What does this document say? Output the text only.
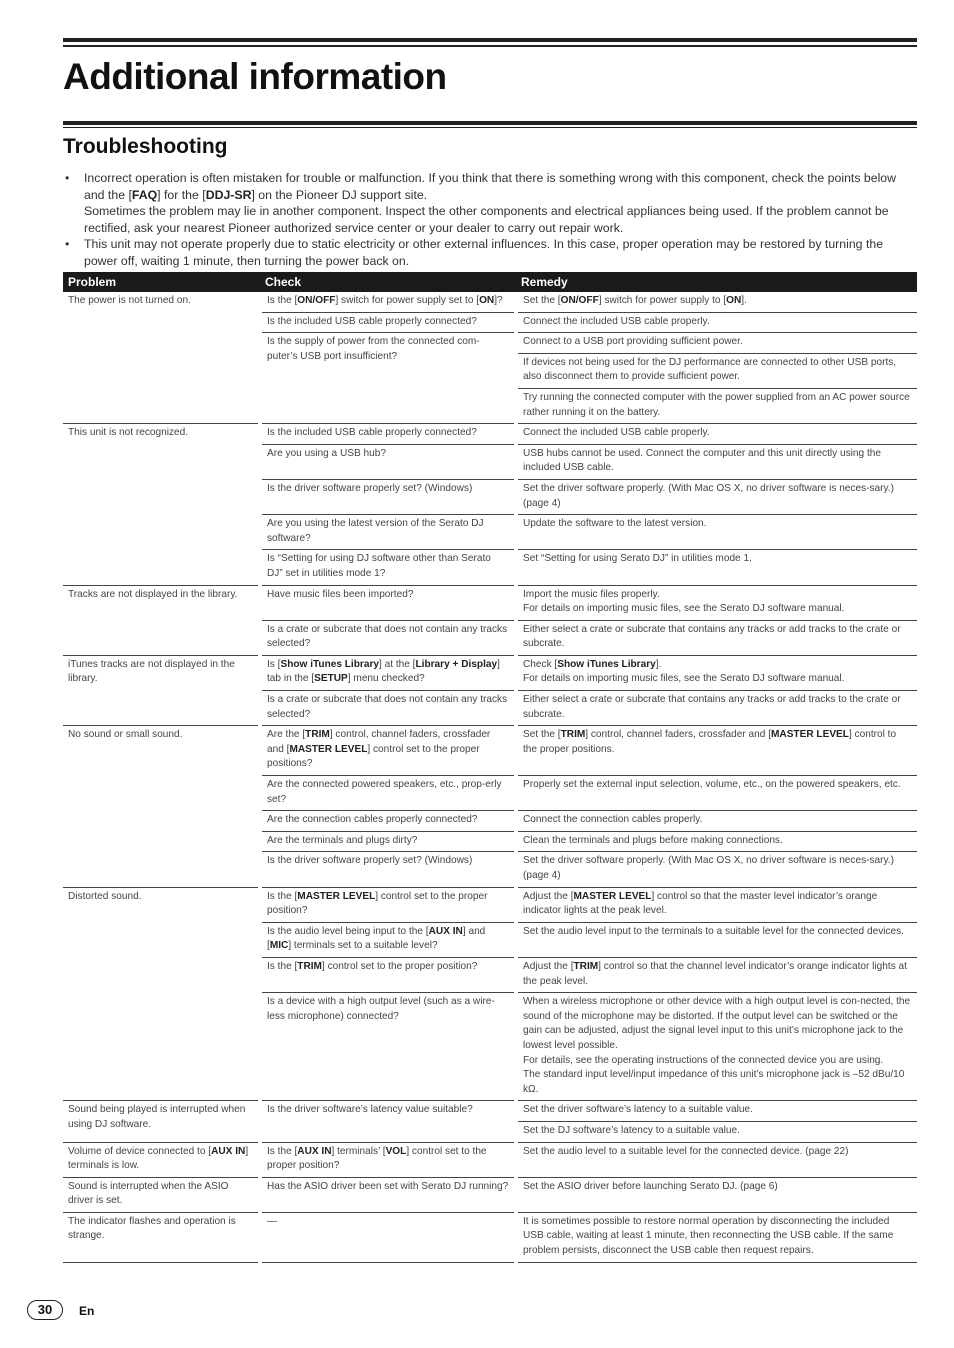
Additional information
Troubleshooting
• Incorrect operation is often mistaken for trouble or malfunction. If you think that there is something wrong with this component, check the points below and the [FAQ] for the [DDJ-SR] on the Pioneer DJ support site.
Sometimes the problem may lie in another component. Inspect the other components and electrical appliances being used. If the problem cannot be rectified, ask your nearest Pioneer authorized service center or your dealer to carry out repair work.
• This unit may not operate properly due to static electricity or other external influences. In this case, proper operation may be restored by turning the power off, waiting 1 minute, then turning the power back on.
Problem	Check	Remedy
The power is not turned on.	Is the [ON/OFF] switch for power supply set to [ON]?	Set the [ON/OFF] switch for power supply to [ON].
	Is the included USB cable properly connected?	Connect the included USB cable properly.
	Is the supply of power from the connected com-puter’s USB port insufficient?	Connect to a USB port providing sufficient power.
		If devices not being used for the DJ performance are connected to other USB ports, also disconnect them to provide sufficient power.
		Try running the connected computer with the power supplied from an AC power source rather running it on the battery.
This unit is not recognized.	Is the included USB cable properly connected?	Connect the included USB cable properly.
	Are you using a USB hub?	USB hubs cannot be used. Connect the computer and this unit directly using the included USB cable.
	Is the driver software properly set? (Windows)	Set the driver software properly. (With Mac OS X, no driver software is neces-sary.) (page 4)
	Are you using the latest version of the Serato DJ software?	Update the software to the latest version.
	Is “Setting for using DJ software other than Serato DJ” set in utilities mode 1?	Set “Setting for using Serato DJ” in utilities mode 1.
Tracks are not displayed in the library.	Have music files been imported?	Import the music files properly.
For details on importing music files, see the Serato DJ software manual.
	Is a crate or subcrate that does not contain any tracks selected?	Either select a crate or subcrate that contains any tracks or add tracks to the crate or subcrate.
iTunes tracks are not displayed in the library.	Is [Show iTunes Library] at the [Library + Display] tab in the [SETUP] menu checked?	Check [Show iTunes Library].
For details on importing music files, see the Serato DJ software manual.
	Is a crate or subcrate that does not contain any tracks selected?	Either select a crate or subcrate that contains any tracks or add tracks to the crate or subcrate.
No sound or small sound.	Are the [TRIM] control, channel faders, crossfader and [MASTER LEVEL] control set to the proper positions?	Set the [TRIM] control, channel faders, crossfader and [MASTER LEVEL] control to the proper positions.
	Are the connected powered speakers, etc., prop-erly set?	Properly set the external input selection, volume, etc., on the powered speakers, etc.
	Are the connection cables properly connected?	Connect the connection cables properly.
	Are the terminals and plugs dirty?	Clean the terminals and plugs before making connections.
	Is the driver software properly set? (Windows)	Set the driver software properly. (With Mac OS X, no driver software is neces-sary.) (page 4)
Distorted sound.	Is the [MASTER LEVEL] control set to the proper position?	Adjust the [MASTER LEVEL] control so that the master level indicator’s orange indicator lights at the peak level.
	Is the audio level being input to the [AUX IN] and [MIC] terminals set to a suitable level?	Set the audio level input to the terminals to a suitable level for the connected devices.
	Is the [TRIM] control set to the proper position?	Adjust the [TRIM] control so that the channel level indicator’s orange indicator lights at the peak level.
	Is a device with a high output level (such as a wire-less microphone) connected?	When a wireless microphone or other device with a high output level is con-nected, the sound of the microphone may be distorted. If the output level can be switched or the gain can be adjusted, adjust the signal level input to this unit’s microphone jack to the lowest level possible.
For details, see the operating instructions of the connected device you are using.
The standard input level/input impedance of this unit’s microphone jack is –52 dBu/10 kΩ.
Sound being played is interrupted when using DJ software.	Is the driver software’s latency value suitable?	Set the driver software’s latency to a suitable value.
		Set the DJ software’s latency to a suitable value.
Volume of device connected to [AUX IN] terminals is low.	Is the [AUX IN] terminals’ [VOL] control set to the proper position?	Set the audio level to a suitable level for the connected device. (page 22)
Sound is interrupted when the ASIO driver is set.	Has the ASIO driver been set with Serato DJ running?	Set the ASIO driver before launching Serato DJ. (page 6)
The indicator flashes and operation is strange.	—	It is sometimes possible to restore normal operation by disconnecting the included USB cable, waiting at least 1 minute, then reconnecting the USB cable. If the same problem persists, disconnect the USB cable then request repairs.
30	En
